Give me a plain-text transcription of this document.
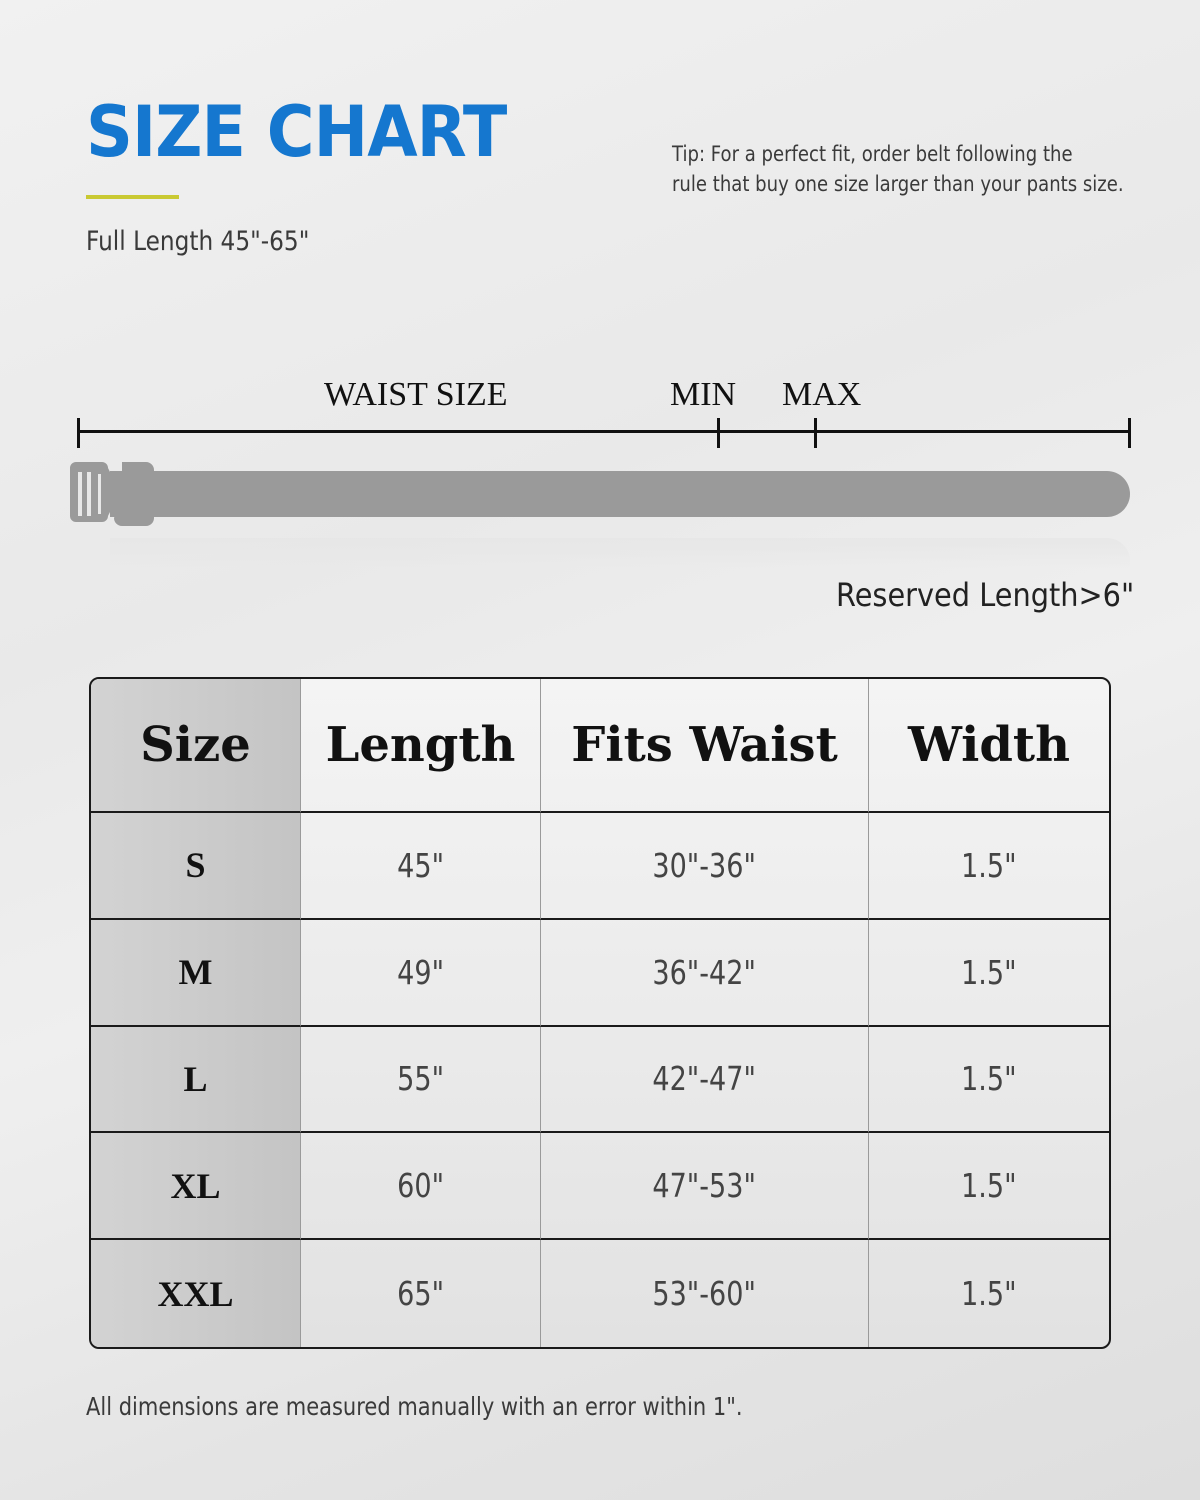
SIZE CHART
Full Length 45"-65"
Tip: For a perfect fit, order belt following the
rule that buy one size larger than your pants size.
WAIST SIZE	MIN MAX
Reserved Length>6"
Size	Length	Fits Waist	Width
S	45"	30"-36"	1.5"
M	49"	36"-42"	1.5"
L	55"	42"-47"	1.5"
XL	60"	47"-53"	1.5"
XXL	65"	53"-60"	1.5"
All dimensions are measured manually with an error within 1".
